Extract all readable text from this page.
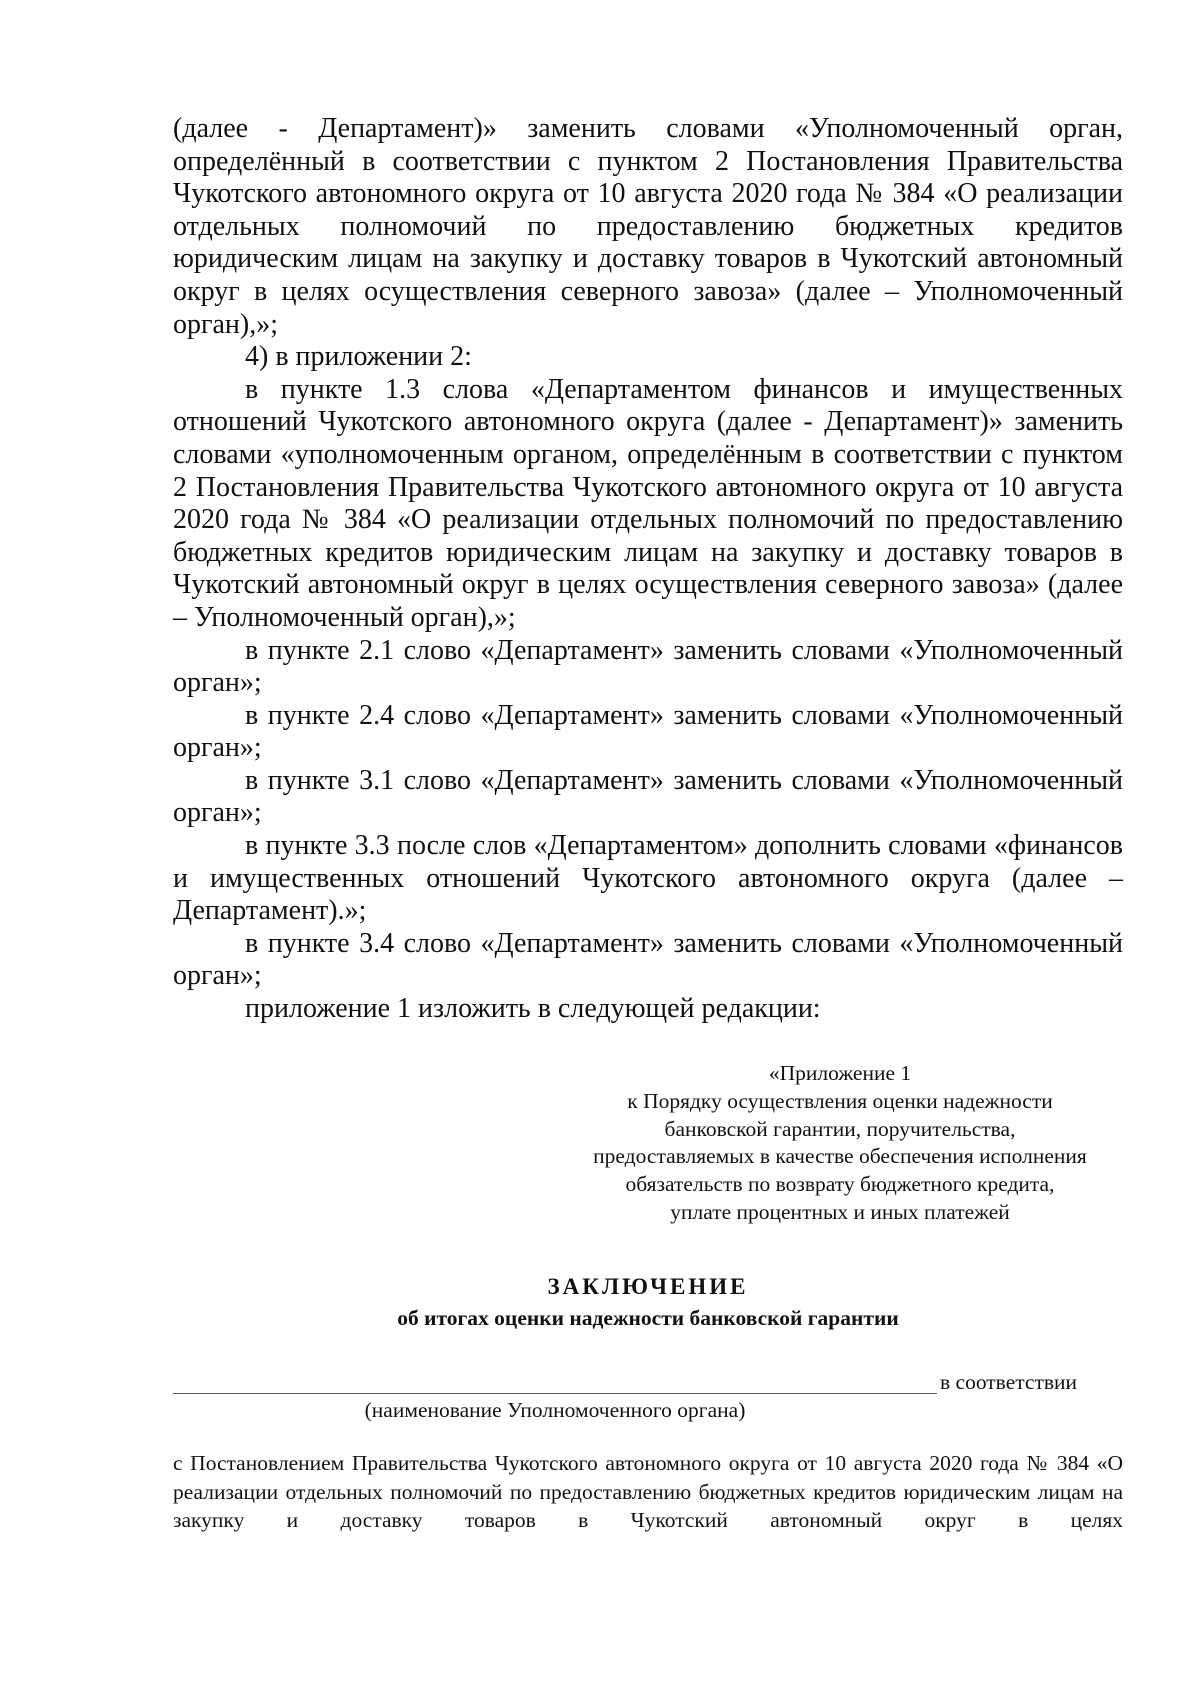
(далее - Департамент)» заменить словами «Уполномоченный орган, определённый в соответствии с пунктом 2 Постановления Правительства Чукотского автономного округа от 10 августа 2020 года № 384 «О реализации отдельных полномочий по предоставлению бюджетных кредитов юридическим лицам на закупку и доставку товаров в Чукотский автономный округ в целях осуществления северного завоза» (далее – Уполномоченный орган),»;

4) в приложении 2:

в пункте 1.3 слова «Департаментом финансов и имущественных отношений Чукотского автономного округа (далее - Департамент)» заменить словами «уполномоченным органом, определённым в соответствии с пунктом 2 Постановления Правительства Чукотского автономного округа от 10 августа 2020 года № 384 «О реализации отдельных полномочий по предоставлению бюджетных кредитов юридическим лицам на закупку и доставку товаров в Чукотский автономный округ в целях осуществления северного завоза» (далее – Уполномоченный орган),»;

в пункте 2.1 слово «Департамент» заменить словами «Уполномоченный орган»;

в пункте 2.4 слово «Департамент» заменить словами «Уполномоченный орган»;

в пункте 3.1 слово «Департамент» заменить словами «Уполномоченный орган»;

в пункте 3.3 после слов «Департаментом» дополнить словами «финансов и имущественных отношений Чукотского автономного округа (далее – Департамент).»;

в пункте 3.4 слово «Департамент» заменить словами «Уполномоченный орган»;

приложение 1 изложить в следующей редакции:

«Приложение 1
к Порядку осуществления оценки надежности
банковской гарантии, поручительства,
предоставляемых в качестве обеспечения исполнения
обязательств по возврату бюджетного кредита,
уплате процентных и иных платежей
ЗАКЛЮЧЕНИЕ
об итогах оценки надежности банковской гарантии
в соответствии
(наименование Уполномоченного органа)

с Постановлением Правительства Чукотского автономного округа от 10 августа 2020 года № 384 «О реализации отдельных полномочий по предоставлению бюджетных кредитов юридическим лицам на закупку и доставку товаров в Чукотский автономный округ в целях
